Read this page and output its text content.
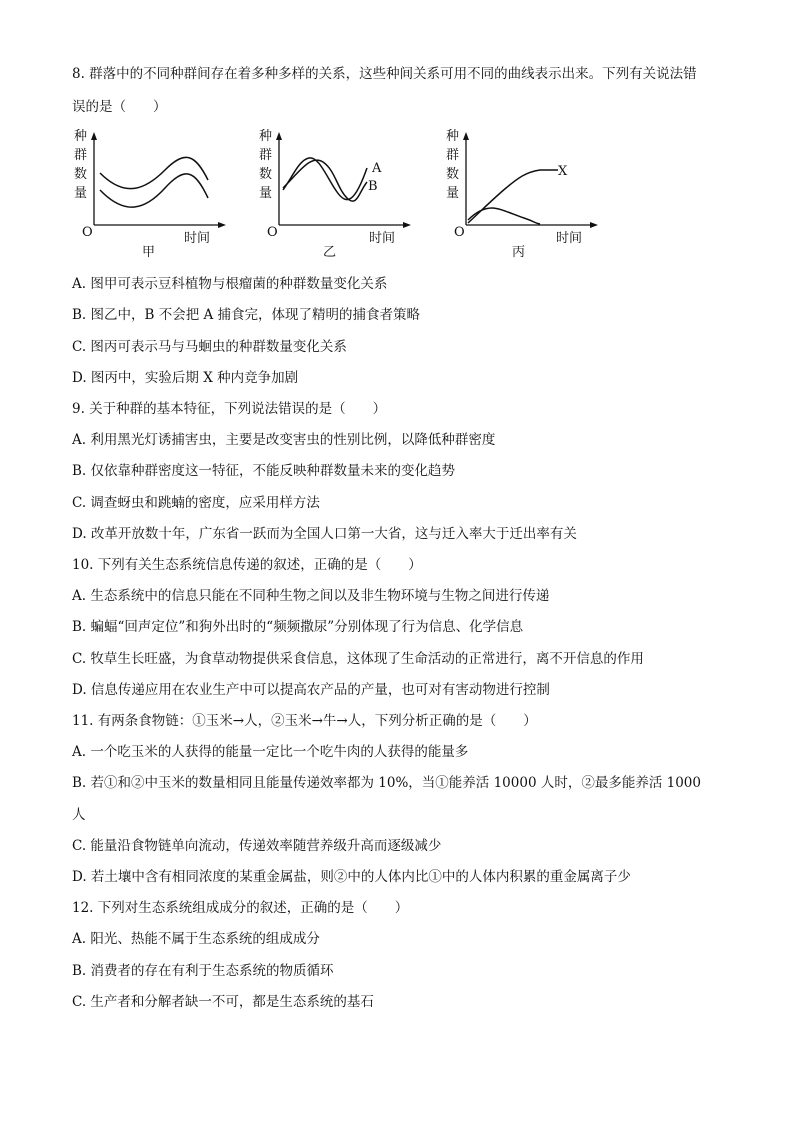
8. 群落中的不同种群间存在着多种多样的关系，这些种间关系可用不同的曲线表示出来。下列有关说法错
误的是（　　）
种
群
数
量
O	时间
甲
种
群
数
量
A
B
O	时间
乙
种
群
数
量
X
O	时间
丙
A. 图甲可表示豆科植物与根瘤菌的种群数量变化关系
B. 图乙中，B 不会把 A 捕食完，体现了精明的捕食者策略
C. 图丙可表示马与马蛔虫的种群数量变化关系
D. 图丙中，实验后期 X 种内竞争加剧
9. 关于种群的基本特征，下列说法错误的是（　　）
A. 利用黑光灯诱捕害虫，主要是改变害虫的性别比例，以降低种群密度
B. 仅依靠种群密度这一特征，不能反映种群数量未来的变化趋势
C. 调查蚜虫和跳蝻的密度，应采用样方法
D. 改革开放数十年，广东省一跃而为全国人口第一大省，这与迁入率大于迁出率有关
10. 下列有关生态系统信息传递的叙述，正确的是（　　）
A. 生态系统中的信息只能在不同种生物之间以及非生物环境与生物之间进行传递
B. 蝙蝠“回声定位”和狗外出时的“频频撒尿”分别体现了行为信息、化学信息
C. 牧草生长旺盛，为食草动物提供采食信息，这体现了生命活动的正常进行，离不开信息的作用
D. 信息传递应用在农业生产中可以提高农产品的产量，也可对有害动物进行控制
11. 有两条食物链：①玉米→人，②玉米→牛→人，下列分析正确的是（　　）
A. 一个吃玉米的人获得的能量一定比一个吃牛肉的人获得的能量多
B. 若①和②中玉米的数量相同且能量传递效率都为 10%，当①能养活 10000 人时，②最多能养活 1000
人
C. 能量沿食物链单向流动，传递效率随营养级升高而逐级减少
D. 若土壤中含有相同浓度的某重金属盐，则②中的人体内比①中的人体内积累的重金属离子少
12. 下列对生态系统组成成分的叙述，正确的是（　　）
A. 阳光、热能不属于生态系统的组成成分
B. 消费者的存在有利于生态系统的物质循环
C. 生产者和分解者缺一不可，都是生态系统的基石
